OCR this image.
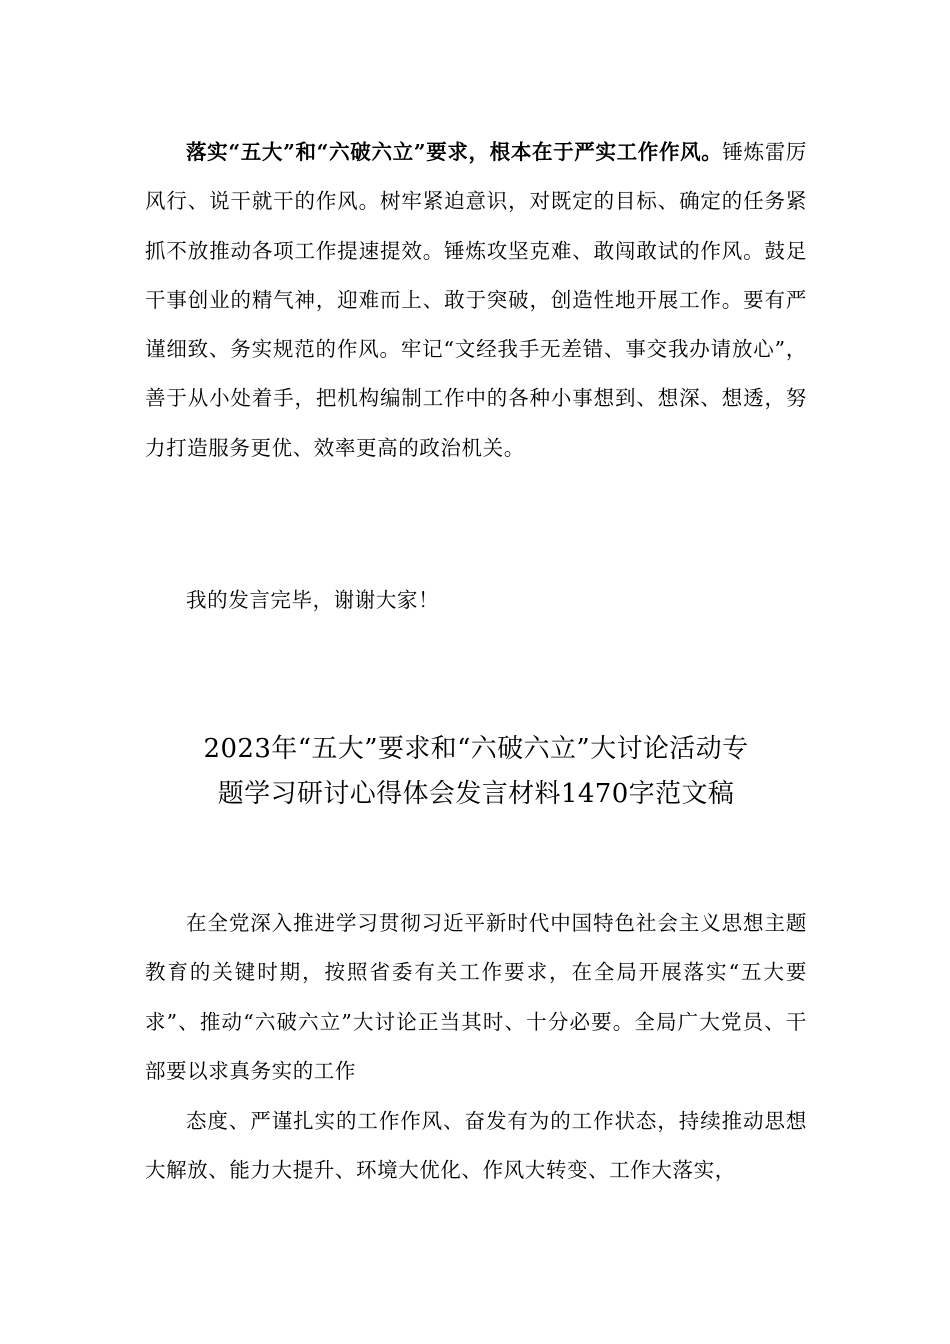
落实“五大”和“六破六立”要求，根本在于严实工作作风。锤炼雷厉风行、说干就干的作风。树牢紧迫意识，对既定的目标、确定的任务紧抓不放推动各项工作提速提效。锤炼攻坚克难、敢闯敢试的作风。鼓足干事创业的精气神，迎难而上、敢于突破，创造性地开展工作。要有严谨细致、务实规范的作风。牢记“文经我手无差错、事交我办请放心”，善于从小处着手，把机构编制工作中的各种小事想到、想深、想透，努力打造服务更优、效率更高的政治机关。

我的发言完毕，谢谢大家！

2023年“五大”要求和“六破六立”大讨论活动专
题学习研讨心得体会发言材料1470字范文稿

在全党深入推进学习贯彻习近平新时代中国特色社会主义思想主题教育的关键时期，按照省委有关工作要求，在全局开展落实“五大要求”、推动“六破六立”大讨论正当其时、十分必要。全局广大党员、干部要以求真务实的工作

态度、严谨扎实的工作作风、奋发有为的工作状态，持续推动思想大解放、能力大提升、环境大优化、作风大转变、工作大落实，
